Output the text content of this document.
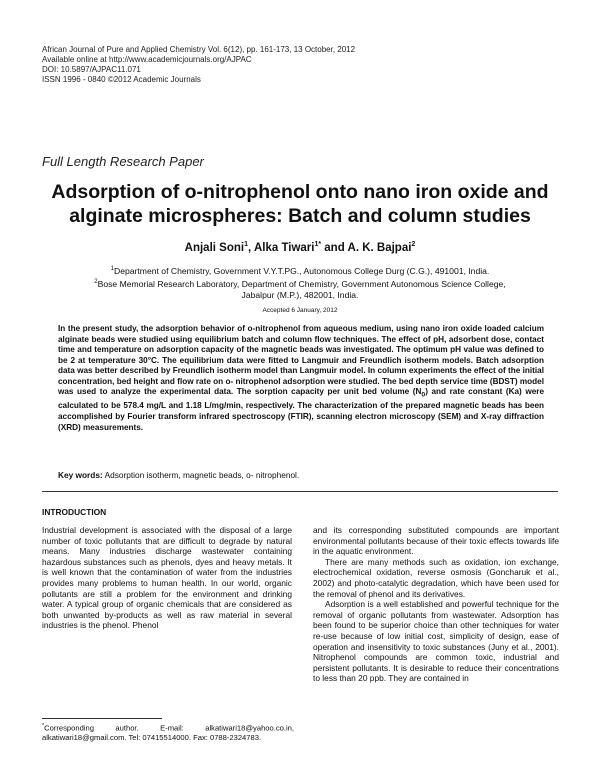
African Journal of Pure and Applied Chemistry Vol. 6(12), pp. 161-173, 13 October, 2012
Available online at http://www.academicjournals.org/AJPAC
DOI: 10.5897/AJPAC11.071
ISSN 1996 - 0840 ©2012 Academic Journals
Full Length Research Paper
Adsorption of o-nitrophenol onto nano iron oxide and
alginate microspheres: Batch and column studies
Anjali Soni$^1$, Alka Tiwari$^{1*}$ and A. K. Bajpai$^2$
$^1$Department of Chemistry, Government V.Y.T.PG., Autonomous College Durg (C.G.), 491001, India.
$^2$Bose Memorial Research Laboratory, Department of Chemistry, Government Autonomous Science College,
Jabalpur (M.P.), 482001, India.
Accepted 6 January, 2012
In the present study, the adsorption behavior of o-nitrophenol from aqueous medium, using nano iron oxide loaded calcium alginate beads were studied using equilibrium batch and column flow techniques. The effect of pH, adsorbent dose, contact time and temperature on adsorption capacity of the magnetic beads was investigated. The optimum pH value was defined to be 2 at temperature 30°C. The equilibrium data were fitted to Langmuir and Freundlich isotherm models. Batch adsorption data was better described by Freundlich isotherm model than Langmuir model. In column experiments the effect of the initial concentration, bed height and flow rate on o- nitrophenol adsorption were studied. The bed depth service time (BDST) model was used to analyze the experimental data. The sorption capacity per unit bed volume $(N_0)$ and rate constant (Ka) were calculated to be 578.4 mg/L and 1.18 L/mg/min, respectively. The characterization of the prepared magnetic beads has been accomplished by Fourier transform infrared spectroscopy (FTIR), scanning electron microscopy (SEM) and X-ray diffraction (XRD) measurements.
Key words: Adsorption isotherm, magnetic beads, o- nitrophenol.
INTRODUCTION

Industrial development is associated with the disposal of a large number of toxic pollutants that are difficult to degrade by natural means. Many industries discharge wastewater containing hazardous substances such as phenols, dyes and heavy metals. It is well known that the contamination of water from the industries provides many problems to human health. In our world, organic pollutants are still a problem for the environment and drinking water. A typical group of organic chemicals that are considered as both unwanted by-products as well as raw material in several industries is the phenol. Phenol

and its corresponding substituted compounds are important environmental pollutants because of their toxic effects towards life in the aquatic environment.

There are many methods such as oxidation, ion exchange, electrochemical oxidation, reverse osmosis (Goncharuk et al., 2002) and photo-catalytic degradation, which have been used for the removal of phenol and its derivatives.

Adsorption is a well established and powerful technique for the removal of organic pollutants from wastewater. Adsorption has been found to be superior choice than other techniques for water re-use because of low initial cost, simplicity of design, ease of operation and insensitivity to toxic substances (Juny et al., 2001). Nitrophenol compounds are common toxic, industrial and persistent pollutants. It is desirable to reduce their concentrations to less than 20 ppb. They are contained in

*Corresponding author. E-mail: alkatiwari18@yahoo.co.in, alkatiwari18@gmail.com. Tel: 07415514000. Fax: 0788-2324783.
